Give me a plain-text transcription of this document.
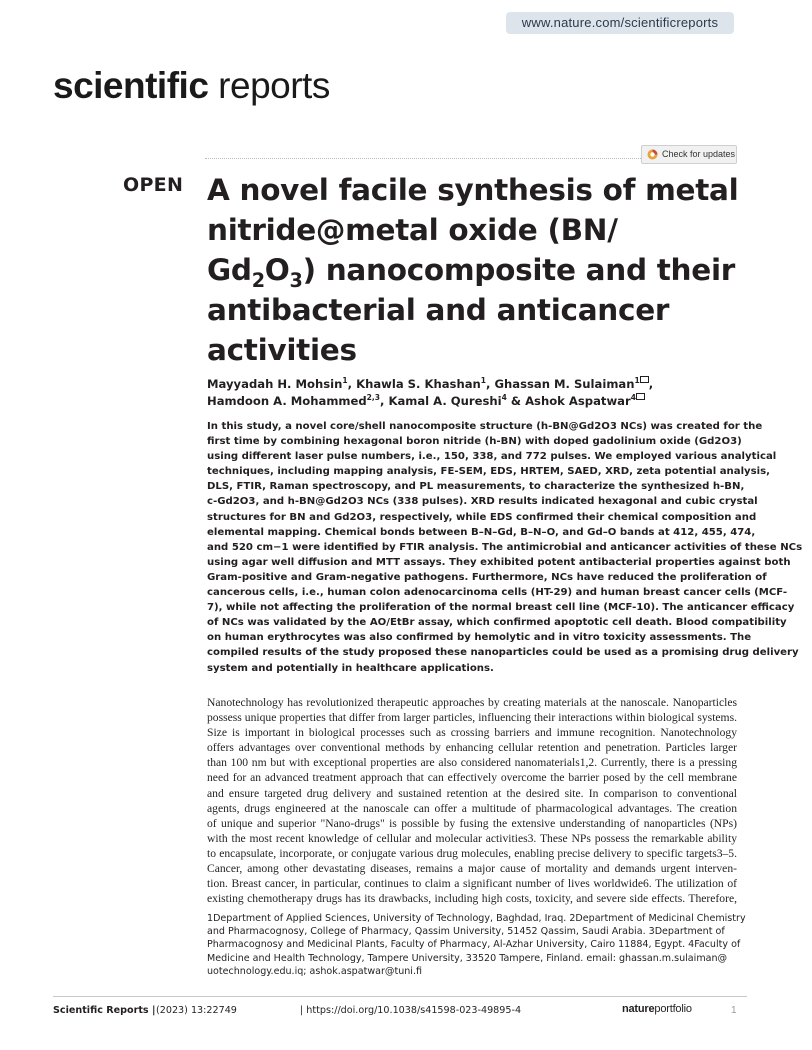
www.nature.com/scientificreports
scientific reports
Check for updates
OPEN A novel facile synthesis of metal
nitride@metal oxide (BN/
$Gd_2O_3$) nanocomposite and their
antibacterial and anticancer
activities
Mayyadah H. Mohsin$^1$, Khawla S. Khashan$^1$, Ghassan M. Sulaiman$^1$ ,
Hamdoon A. Mohammed$^{2,3}$, Kamal A. Qureshi$^4$ & Ashok Aspatwar$^4$
In this study, a novel core/shell nanocomposite structure (h-BN@Gd2O3 NCs) was created for the
first time by combining hexagonal boron nitride (h-BN) with doped gadolinium oxide (Gd2O3)
using different laser pulse numbers, i.e., 150, 338, and 772 pulses. We employed various analytical
techniques, including mapping analysis, FE-SEM, EDS, HRTEM, SAED, XRD, zeta potential analysis,
DLS, FTIR, Raman spectroscopy, and PL measurements, to characterize the synthesized h-BN,
c-Gd2O3, and h-BN@Gd2O3 NCs (338 pulses). XRD results indicated hexagonal and cubic crystal
structures for BN and Gd2O3, respectively, while EDS confirmed their chemical composition and
elemental mapping. Chemical bonds between B–N–Gd, B–N–O, and Gd–O bands at 412, 455, 474,
and 520 cm−1 were identified by FTIR analysis. The antimicrobial and anticancer activities of these NCs
using agar well diffusion and MTT assays. They exhibited potent antibacterial properties against both
Gram-positive and Gram-negative pathogens. Furthermore, NCs have reduced the proliferation of
cancerous cells, i.e., human colon adenocarcinoma cells (HT-29) and human breast cancer cells (MCF-
7), while not affecting the proliferation of the normal breast cell line (MCF-10). The anticancer efficacy
of NCs was validated by the AO/EtBr assay, which confirmed apoptotic cell death. Blood compatibility
on human erythrocytes was also confirmed by hemolytic and in vitro toxicity assessments. The
compiled results of the study proposed these nanoparticles could be used as a promising drug delivery
system and potentially in healthcare applications.
Nanotechnology has revolutionized therapeutic approaches by creating materials at the nanoscale. Nanoparticles
possess unique properties that differ from larger particles, influencing their interactions within biological systems.
Size is important in biological processes such as crossing barriers and immune recognition. Nanotechnology
offers advantages over conventional methods by enhancing cellular retention and penetration. Particles larger
than 100 nm but with exceptional properties are also considered nanomaterials1,2. Currently, there is a pressing
need for an advanced treatment approach that can effectively overcome the barrier posed by the cell membrane
and ensure targeted drug delivery and sustained retention at the desired site. In comparison to conventional
agents, drugs engineered at the nanoscale can offer a multitude of pharmacological advantages. The creation
of unique and superior "Nano-drugs" is possible by fusing the extensive understanding of nanoparticles (NPs)
with the most recent knowledge of cellular and molecular activities3. These NPs possess the remarkable ability
to encapsulate, incorporate, or conjugate various drug molecules, enabling precise delivery to specific targets3–5.
Cancer, among other devastating diseases, remains a major cause of mortality and demands urgent interven-
tion. Breast cancer, in particular, continues to claim a significant number of lives worldwide6. The utilization of
existing chemotherapy drugs has its drawbacks, including high costs, toxicity, and severe side effects. Therefore,
1Department of Applied Sciences, University of Technology, Baghdad, Iraq. 2Department of Medicinal Chemistry
and Pharmacognosy, College of Pharmacy, Qassim University, 51452 Qassim, Saudi Arabia. 3Department of
Pharmacognosy and Medicinal Plants, Faculty of Pharmacy, Al-Azhar University, Cairo 11884, Egypt. 4Faculty of
Medicine and Health Technology, Tampere University, 33520 Tampere, Finland. email: ghassan.m.sulaiman@
uotechnology.edu.iq; ashok.aspatwar@tuni.fi
Scientific Reports | (2023) 13:22749	| https://doi.org/10.1038/s41598-023-49895-4	natureportfolio	1
